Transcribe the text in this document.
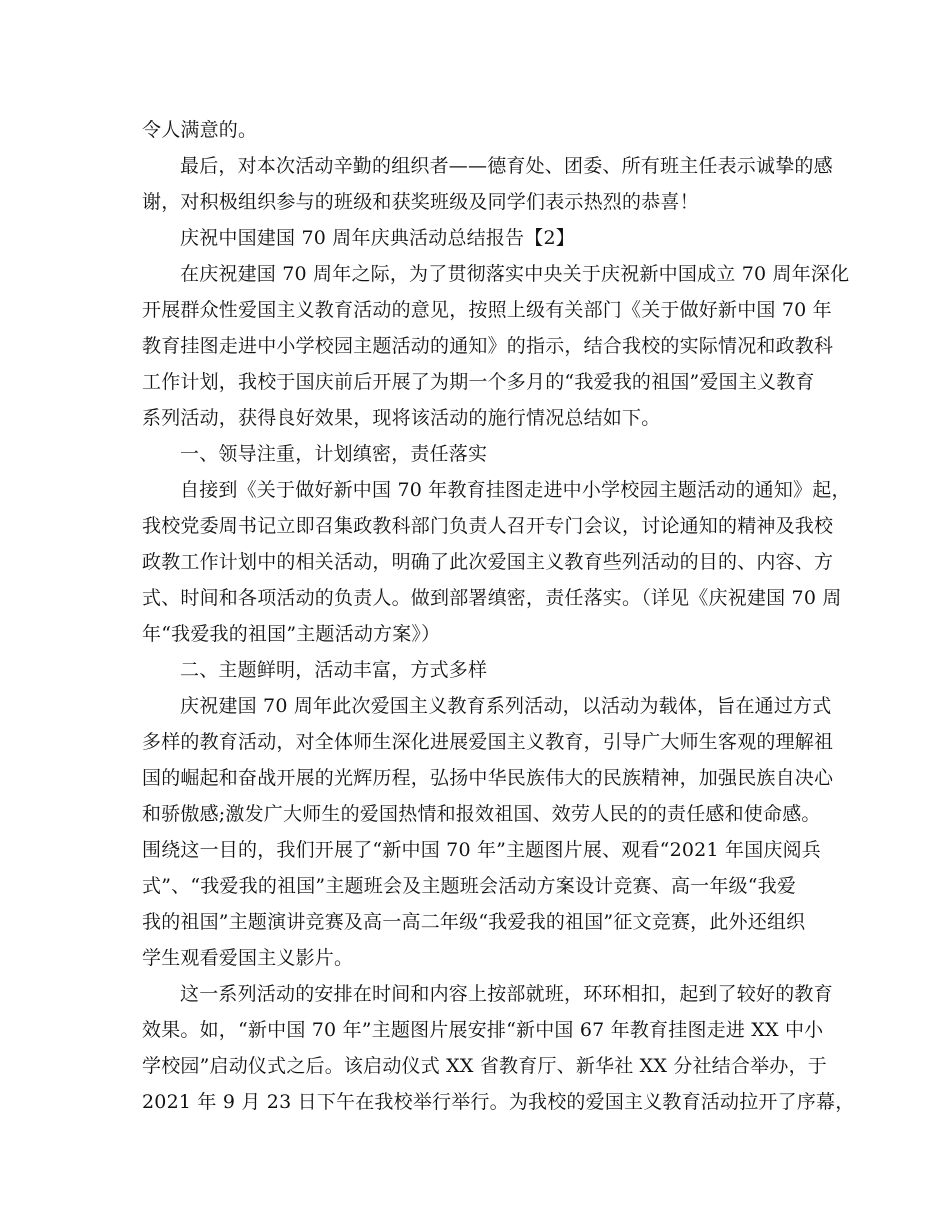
令人满意的。
最后，对本次活动辛勤的组织者——德育处、团委、所有班主任表示诚挚的感
谢，对积极组织参与的班级和获奖班级及同学们表示热烈的恭喜！
庆祝中国建国 70 周年庆典活动总结报告【2】
在庆祝建国 70 周年之际，为了贯彻落实中央关于庆祝新中国成立 70 周年深化
开展群众性爱国主义教育活动的意见，按照上级有关部门《关于做好新中国 70 年
教育挂图走进中小学校园主题活动的通知》的指示，结合我校的实际情况和政教科
工作计划，我校于国庆前后开展了为期一个多月的“我爱我的祖国”爱国主义教育
系列活动，获得良好效果，现将该活动的施行情况总结如下。
一、领导注重，计划缜密，责任落实
自接到《关于做好新中国 70 年教育挂图走进中小学校园主题活动的通知》起，
我校党委周书记立即召集政教科部门负责人召开专门会议，讨论通知的精神及我校
政教工作计划中的相关活动，明确了此次爱国主义教育些列活动的目的、内容、方
式、时间和各项活动的负责人。做到部署缜密，责任落实。（详见《庆祝建国 70 周
年“我爱我的祖国”主题活动方案》）
二、主题鲜明，活动丰富，方式多样
庆祝建国 70 周年此次爱国主义教育系列活动，以活动为载体，旨在通过方式
多样的教育活动，对全体师生深化进展爱国主义教育，引导广大师生客观的理解祖
国的崛起和奋战开展的光辉历程，弘扬中华民族伟大的民族精神，加强民族自决心
和骄傲感;激发广大师生的爱国热情和报效祖国、效劳人民的的责任感和使命感。
围绕这一目的，我们开展了“新中国 70 年”主题图片展、观看“2021 年国庆阅兵
式”、“我爱我的祖国”主题班会及主题班会活动方案设计竞赛、高一年级“我爱
我的祖国”主题演讲竞赛及高一高二年级“我爱我的祖国”征文竞赛，此外还组织
学生观看爱国主义影片。
这一系列活动的安排在时间和内容上按部就班，环环相扣，起到了较好的教育
效果。如，“新中国 70 年”主题图片展安排“新中国 67 年教育挂图走进 XX 中小
学校园”启动仪式之后。该启动仪式 XX 省教育厅、新华社 XX 分社结合举办，于
2021 年 9 月 23 日下午在我校举行举行。为我校的爱国主义教育活动拉开了序幕，
